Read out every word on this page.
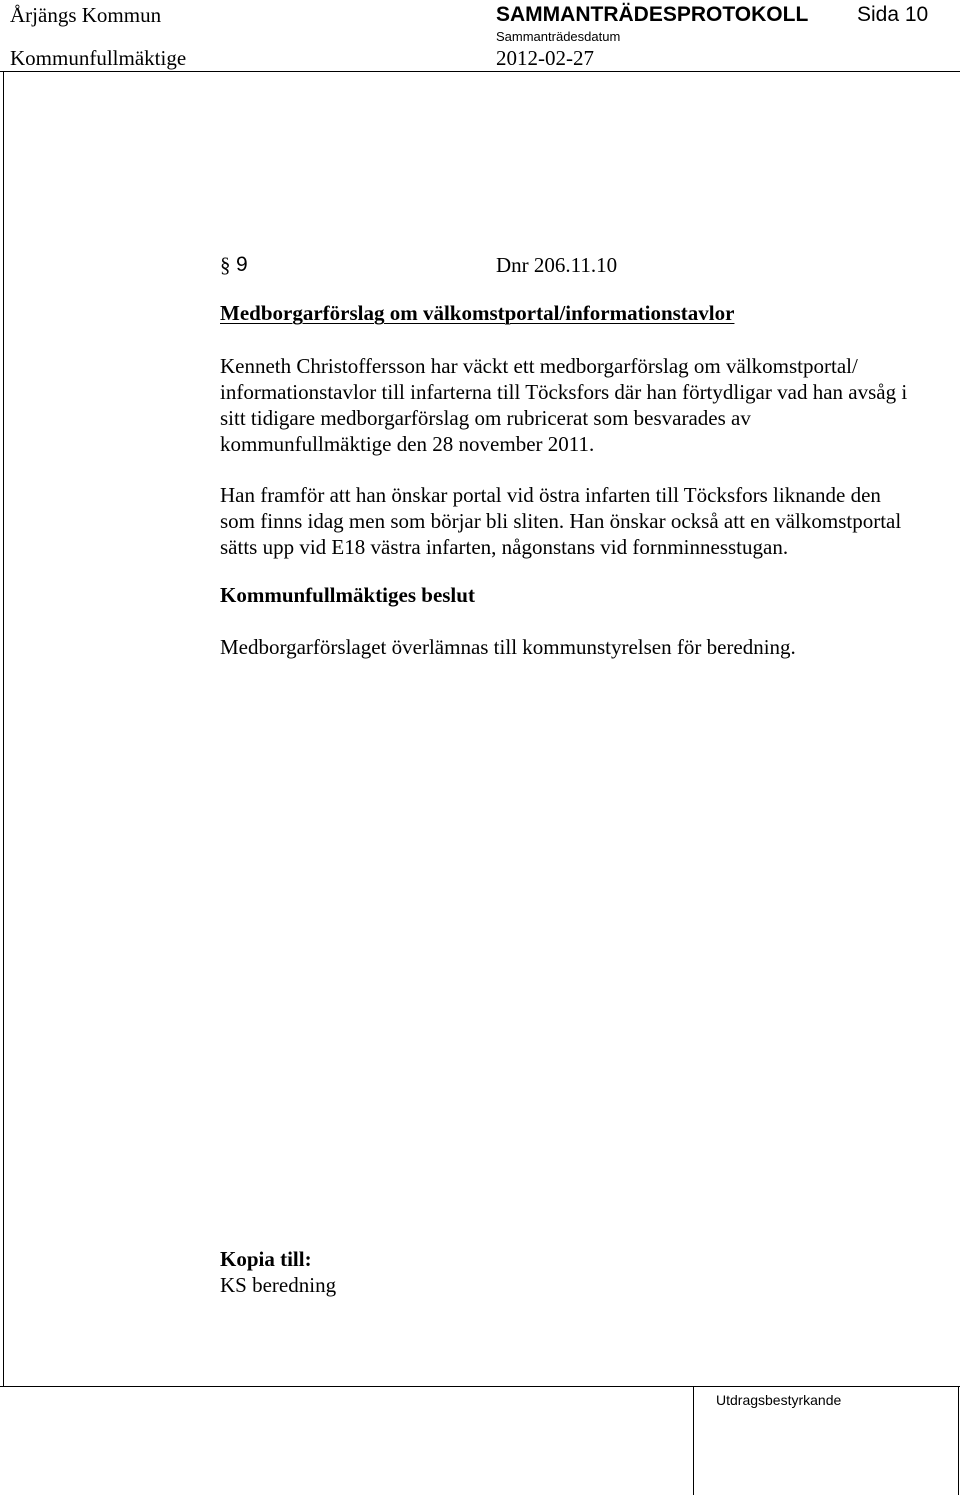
Årjängs Kommun	SAMMANTRÄDESPROTOKOLL Sida 10
Sammanträdesdatum
Kommunfullmäktige	2012-02-27
§ 9	Dnr 206.11.10
Medborgarförslag om välkomstportal/informationstavlor

Kenneth Christoffersson har väckt ett medborgarförslag om välkomstportal/
informationstavlor till infarterna till Töcksfors där han förtydligar vad han avsåg i
sitt tidigare medborgarförslag om rubricerat som besvarades av
kommunfullmäktige den 28 november 2011.

Han framför att han önskar portal vid östra infarten till Töcksfors liknande den
som finns idag men som börjar bli sliten. Han önskar också att en välkomstportal
sätts upp vid E18 västra infarten, någonstans vid fornminnesstugan.

Kommunfullmäktiges beslut
Medborgarförslaget överlämnas till kommunstyrelsen för beredning.
Kopia till:
KS beredning
Utdragsbestyrkande
